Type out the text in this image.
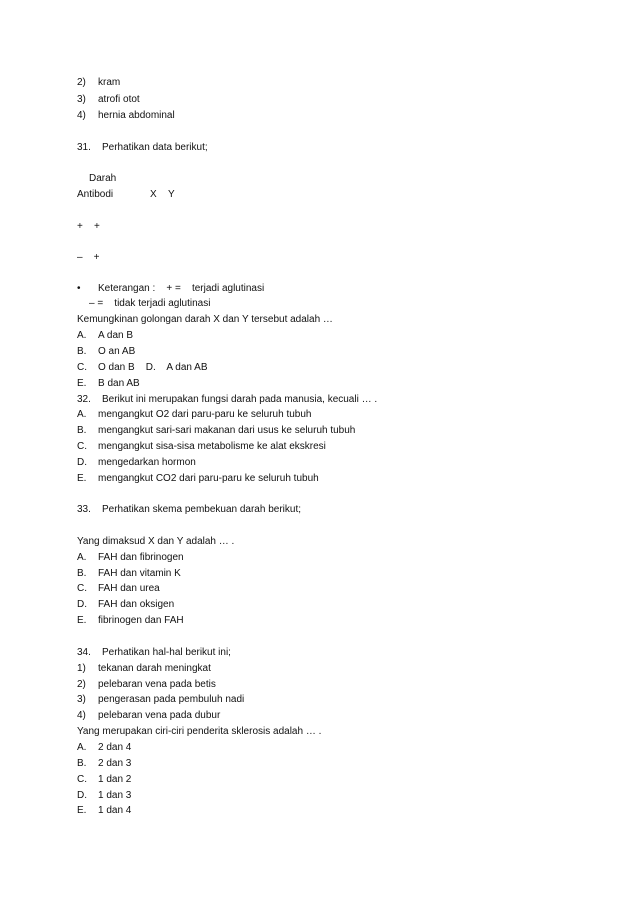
2) kram
3) atrofi otot
4) hernia abdominal
31. Perhatikan data berikut;
Darah
Antibodi	X Y
+    +
–    +
• Keterangan :    + =    terjadi aglutinasi
– =    tidak terjadi aglutinasi
Kemungkinan golongan darah X dan Y tersebut adalah …
A. A dan B
B. O an AB
C. O dan B    D.    A dan AB
E. B dan AB
32. Berikut ini merupakan fungsi darah pada manusia, kecuali … .
A. mengangkut O2 dari paru-paru ke seluruh tubuh
B. mengangkut sari-sari makanan dari usus ke seluruh tubuh
C. mengangkut sisa-sisa metabolisme ke alat ekskresi
D. mengedarkan hormon
E. mengangkut CO2 dari paru-paru ke seluruh tubuh
33. Perhatikan skema pembekuan darah berikut;
Yang dimaksud X dan Y adalah … .
A. FAH dan fibrinogen
B. FAH dan vitamin K
C. FAH dan urea
D. FAH dan oksigen
E. fibrinogen dan FAH
34. Perhatikan hal-hal berikut ini;
1) tekanan darah meningkat
2) pelebaran vena pada betis
3) pengerasan pada pembuluh nadi
4) pelebaran vena pada dubur
Yang merupakan ciri-ciri penderita sklerosis adalah … .
A. 2 dan 4
B. 2 dan 3
C. 1 dan 2
D. 1 dan 3
E. 1 dan 4
